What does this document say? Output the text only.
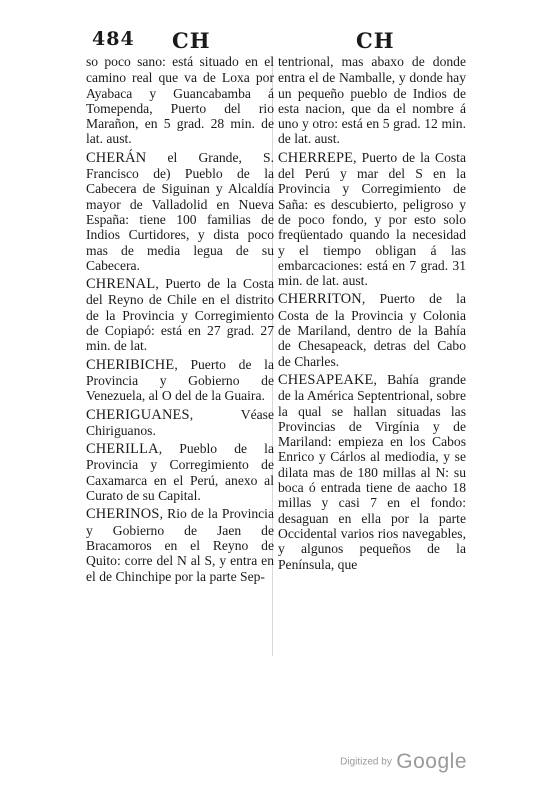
484 CH	CH

so poco sano: está situado en el camino real que va de Loxa por Ayabaca y Guancabamba á Tomependa, Puerto del rio Marañon, en 5 grad. 28 min. de lat. aust.

CHERÁN el Grande, S. Francisco de) Pueblo de la Cabecera de Siguinan y Alcaldía mayor de Valladolid en Nueva España: tiene 100 familias de Indios Curtidores, y dista poco mas de media legua de su Cabecera.

CHRENAL, Puerto de la Costa del Reyno de Chile en el distrito de la Provincia y Corregimiento de Copiapó: está en 27 grad. 27 min. de lat.

CHERIBICHE, Puerto de la Provincia y Gobierno de Venezuela, al O del de la Guaira.

CHERIGUANES, Véase Chiriguanos.

CHERILLA, Pueblo de la Provincia y Corregimiento de Caxamarca en el Perú, anexo al Curato de su Capital.

CHERINOS, Rio de la Provincia y Gobierno de Jaen de Bracamoros en el Reyno de Quito: corre del N al S, y entra en el de Chinchipe por la parte Sep-

tentrional, mas abaxo de donde entra el de Namballe, y donde hay un pequeño pueblo de Indios de esta nacion, que da el nombre á uno y otro: está en 5 grad. 12 min. de lat. aust.

CHERREPE, Puerto de la Costa del Perú y mar del S en la Provincia y Corregimiento de Saña: es descubierto, peligroso y de poco fondo, y por esto solo freqüentado quando la necesidad y el tiempo obligan á las embarcaciones: está en 7 grad. 31 min. de lat. aust.

CHERRITON, Puerto de la Costa de la Provincia y Colonia de Mariland, dentro de la Bahía de Chesapeack, detras del Cabo de Charles.

CHESAPEAKE, Bahía grande de la América Septentrional, sobre la qual se hallan situadas las Provincias de Virgínia y de Mariland: empieza en los Cabos Enrico y Cárlos al mediodia, y se dilata mas de 180 millas al N: su boca ó entrada tiene de aacho 18 millas y casi 7 en el fondo: desaguan en ella por la parte Occidental varios rios navegables, y algunos pequeños de la Península, que

Digitized by Google
